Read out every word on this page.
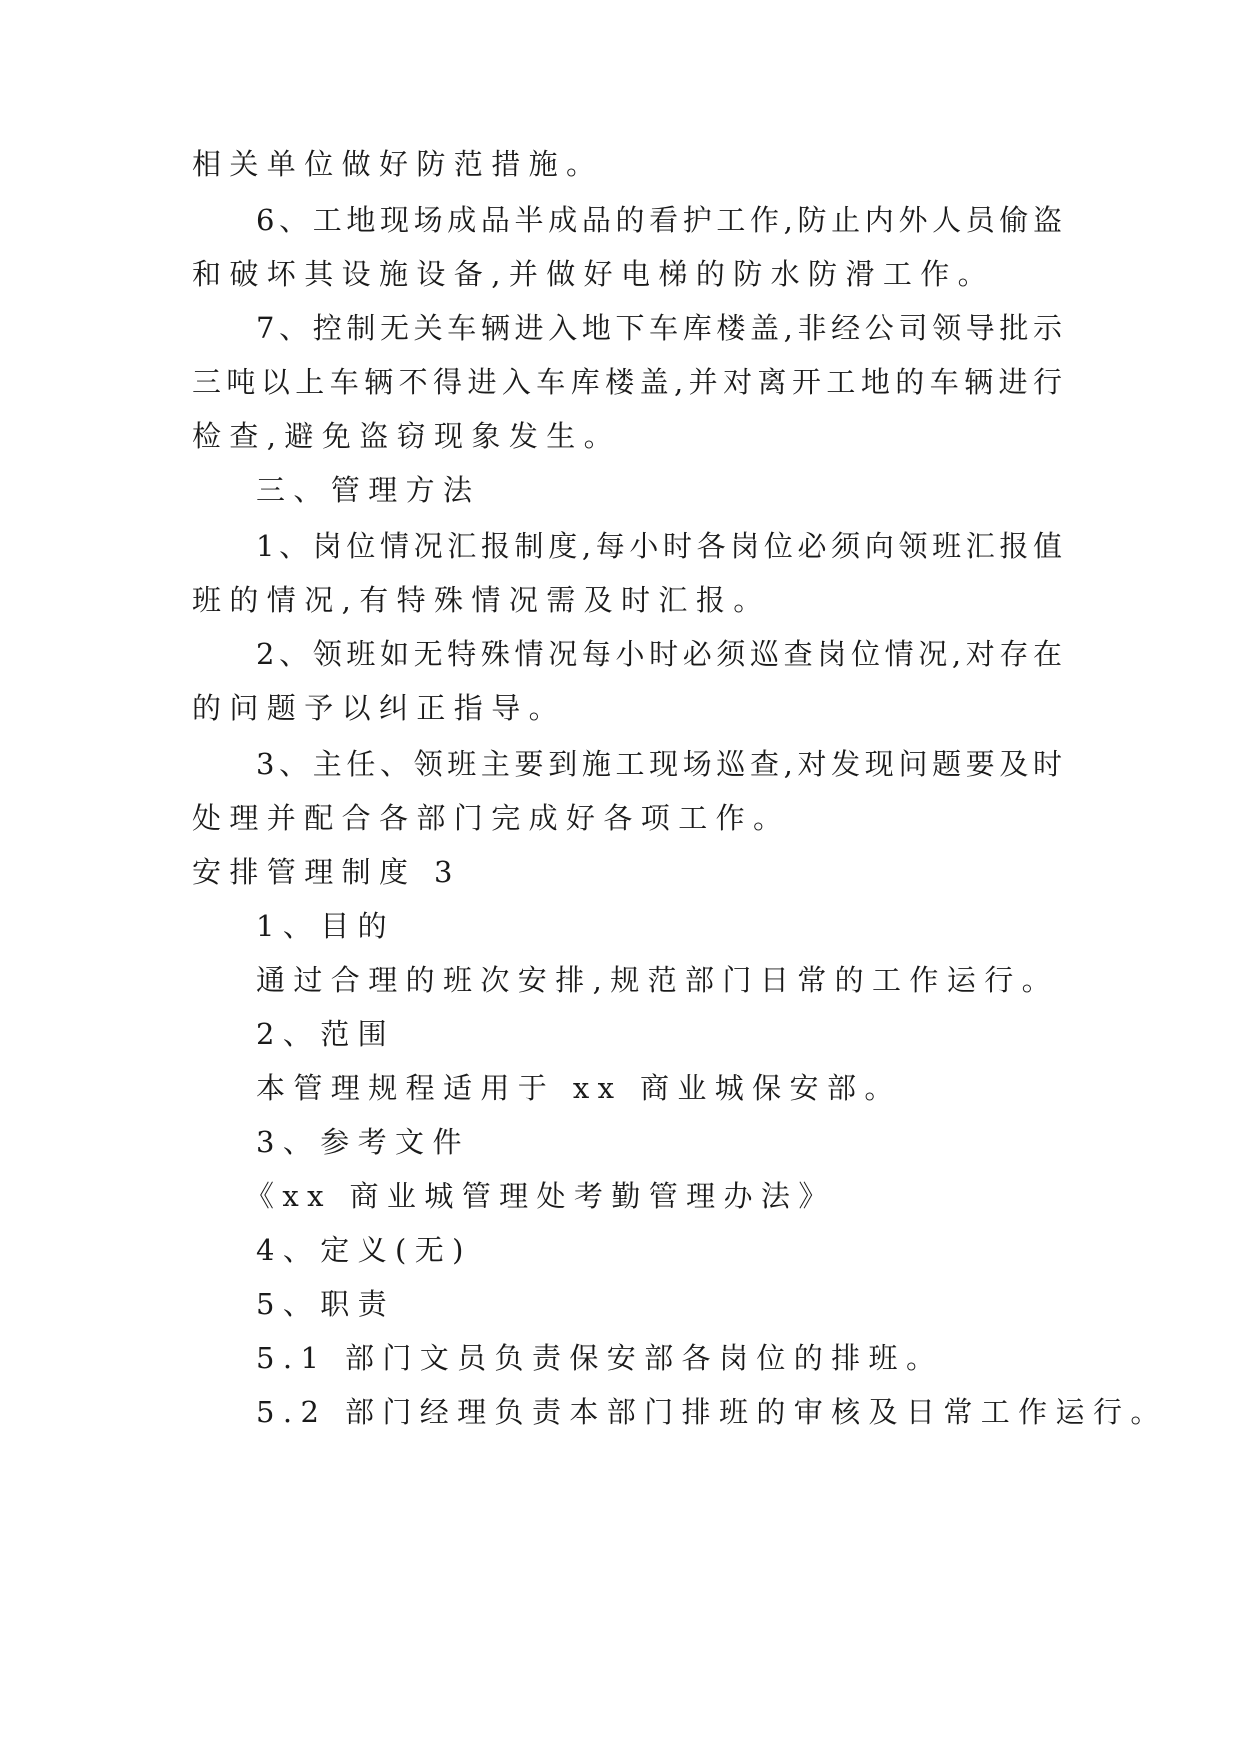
相关单位做好防范措施。
6、工地现场成品半成品的看护工作,防止内外人员偷盗
和破坏其设施设备,并做好电梯的防水防滑工作。
7、控制无关车辆进入地下车库楼盖,非经公司领导批示
三吨以上车辆不得进入车库楼盖,并对离开工地的车辆进行
检查,避免盗窃现象发生。
三、管理方法
1、岗位情况汇报制度,每小时各岗位必须向领班汇报值
班的情况,有特殊情况需及时汇报。
2、领班如无特殊情况每小时必须巡查岗位情况,对存在
的问题予以纠正指导。
3、主任、领班主要到施工现场巡查,对发现问题要及时
处理并配合各部门完成好各项工作。
安排管理制度 3
1、目的
通过合理的班次安排,规范部门日常的工作运行。
2、范围
本管理规程适用于 xx 商业城保安部。
3、参考文件
《xx 商业城管理处考勤管理办法》
4、定义(无)
5、职责
5.1 部门文员负责保安部各岗位的排班。
5.2 部门经理负责本部门排班的审核及日常工作运行。
